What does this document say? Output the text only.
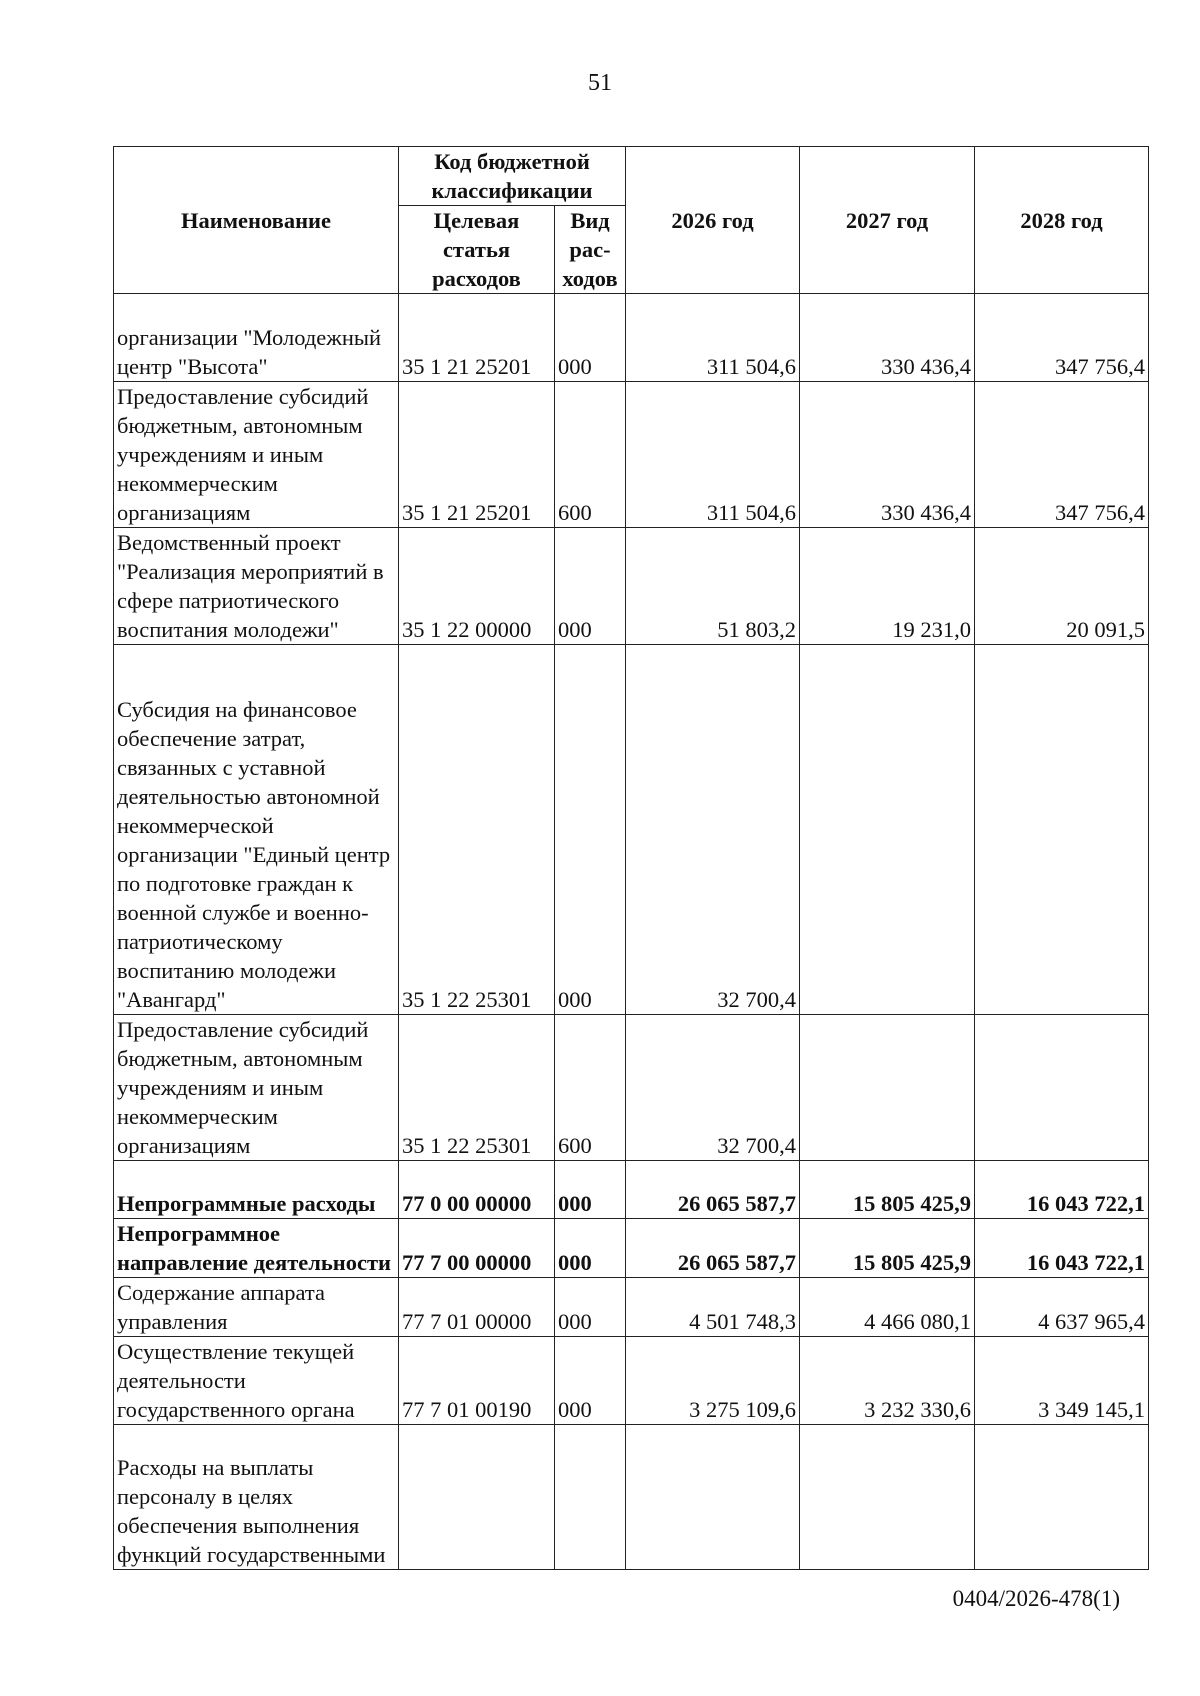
51
Наименование	Код бюджетной классификации		2026 год	2027 год	2028 год
	Целевая статья расходов	Вид рас-ходов			
организации "Молодежный центр "Высота"	35 1 21 25201	000	311 504,6	330 436,4	347 756,4
Предоставление субсидий бюджетным, автономным учреждениям и иным некоммерческим организациям	35 1 21 25201	600	311 504,6	330 436,4	347 756,4
Ведомственный проект "Реализация мероприятий в сфере патриотического воспитания молодежи"	35 1 22 00000	000	51 803,2	19 231,0	20 091,5
Субсидия на финансовое обеспечение затрат, связанных с уставной деятельностью автономной некоммерческой организации "Единый центр по подготовке граждан к военной службе и военно-патриотическому воспитанию молодежи "Авангард"	35 1 22 25301	000	32 700,4		
Предоставление субсидий бюджетным, автономным учреждениям и иным некоммерческим организациям	35 1 22 25301	600	32 700,4		
Непрограммные расходы	77 0 00 00000	000	26 065 587,7	15 805 425,9	16 043 722,1
Непрограммное направление деятельности	77 7 00 00000	000	26 065 587,7	15 805 425,9	16 043 722,1
Содержание аппарата управления	77 7 01 00000	000	4 501 748,3	4 466 080,1	4 637 965,4
Осуществление текущей деятельности государственного органа	77 7 01 00190	000	3 275 109,6	3 232 330,6	3 349 145,1
Расходы на выплаты персоналу в целях обеспечения выполнения функций государственными					
0404/2026-478(1)
